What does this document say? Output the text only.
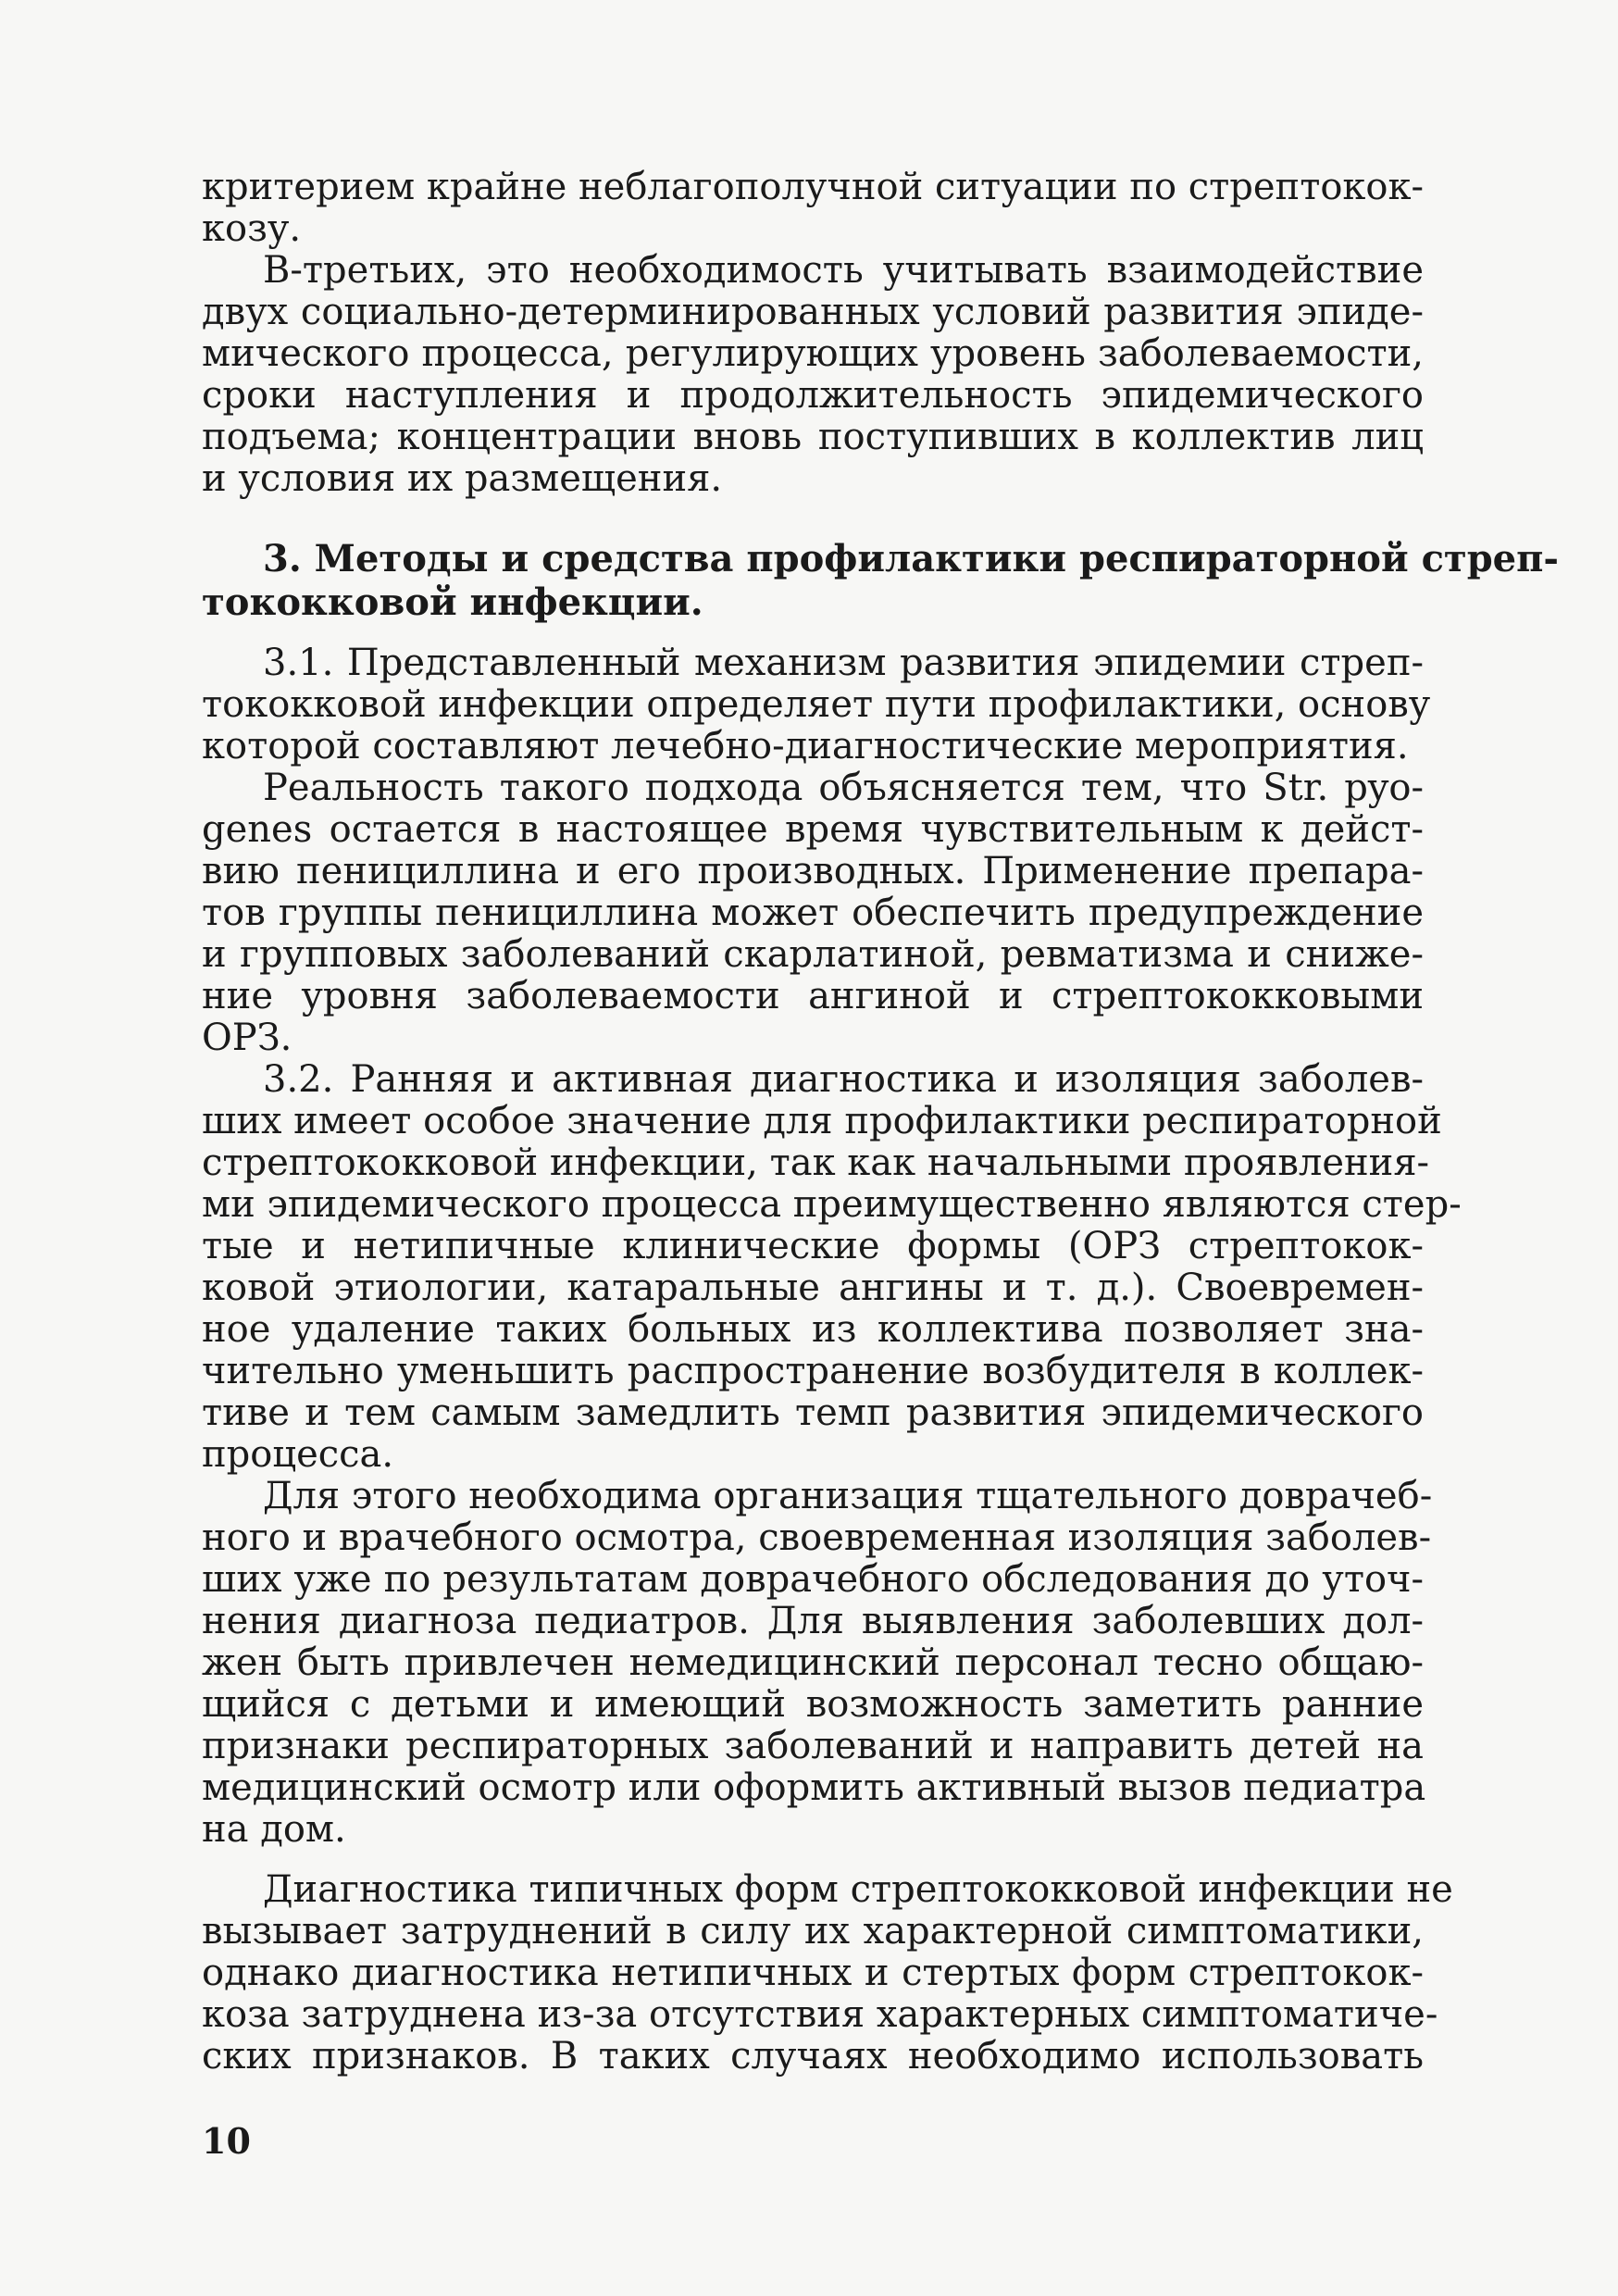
критерием крайне неблагополучной ситуации по стрептокок-
козу.
В-третьих, это необходимость учитывать взаимодействие
двух социально-детерминированных условий развития эпиде-
мического процесса, регулирующих уровень заболеваемости,
сроки наступления и продолжительность эпидемического
подъема; концентрации вновь поступивших в коллектив лиц
и условия их размещения.
3. Методы и средства профилактики респираторной стреп-
тококковой инфекции.
3.1. Представленный механизм развития эпидемии стреп-
тококковой инфекции определяет пути профилактики, основу
которой составляют лечебно-диагностические мероприятия.
Реальность такого подхода объясняется тем, что Str. pyo-
genes остается в настоящее время чувствительным к дейст-
вию пенициллина и его производных. Применение препара-
тов группы пенициллина может обеспечить предупреждение
и групповых заболеваний скарлатиной, ревматизма и сниже-
ние уровня заболеваемости ангиной и стрептококковыми
ОРЗ.
3.2. Ранняя и активная диагностика и изоляция заболев-
ших имеет особое значение для профилактики респираторной
стрептококковой инфекции, так как начальными проявления-
ми эпидемического процесса преимущественно являются стер-
тые и нетипичные клинические формы (ОРЗ стрептокок-
ковой этиологии, катаральные ангины и т. д.). Своевремен-
ное удаление таких больных из коллектива позволяет зна-
чительно уменьшить распространение возбудителя в коллек-
тиве и тем самым замедлить темп развития эпидемического
процесса.
Для этого необходима организация тщательного доврачеб-
ного и врачебного осмотра, своевременная изоляция заболев-
ших уже по результатам доврачебного обследования до уточ-
нения диагноза педиатров. Для выявления заболевших дол-
жен быть привлечен немедицинский персонал тесно общаю-
щийся с детьми и имеющий возможность заметить ранние
признаки респираторных заболеваний и направить детей на
медицинский осмотр или оформить активный вызов педиатра
на дом.
Диагностика типичных форм стрептококковой инфекции не
вызывает затруднений в силу их характерной симптоматики,
однако диагностика нетипичных и стертых форм стрептокок-
коза затруднена из-за отсутствия характерных симптоматиче-
ских признаков. В таких случаях необходимо использовать
10
